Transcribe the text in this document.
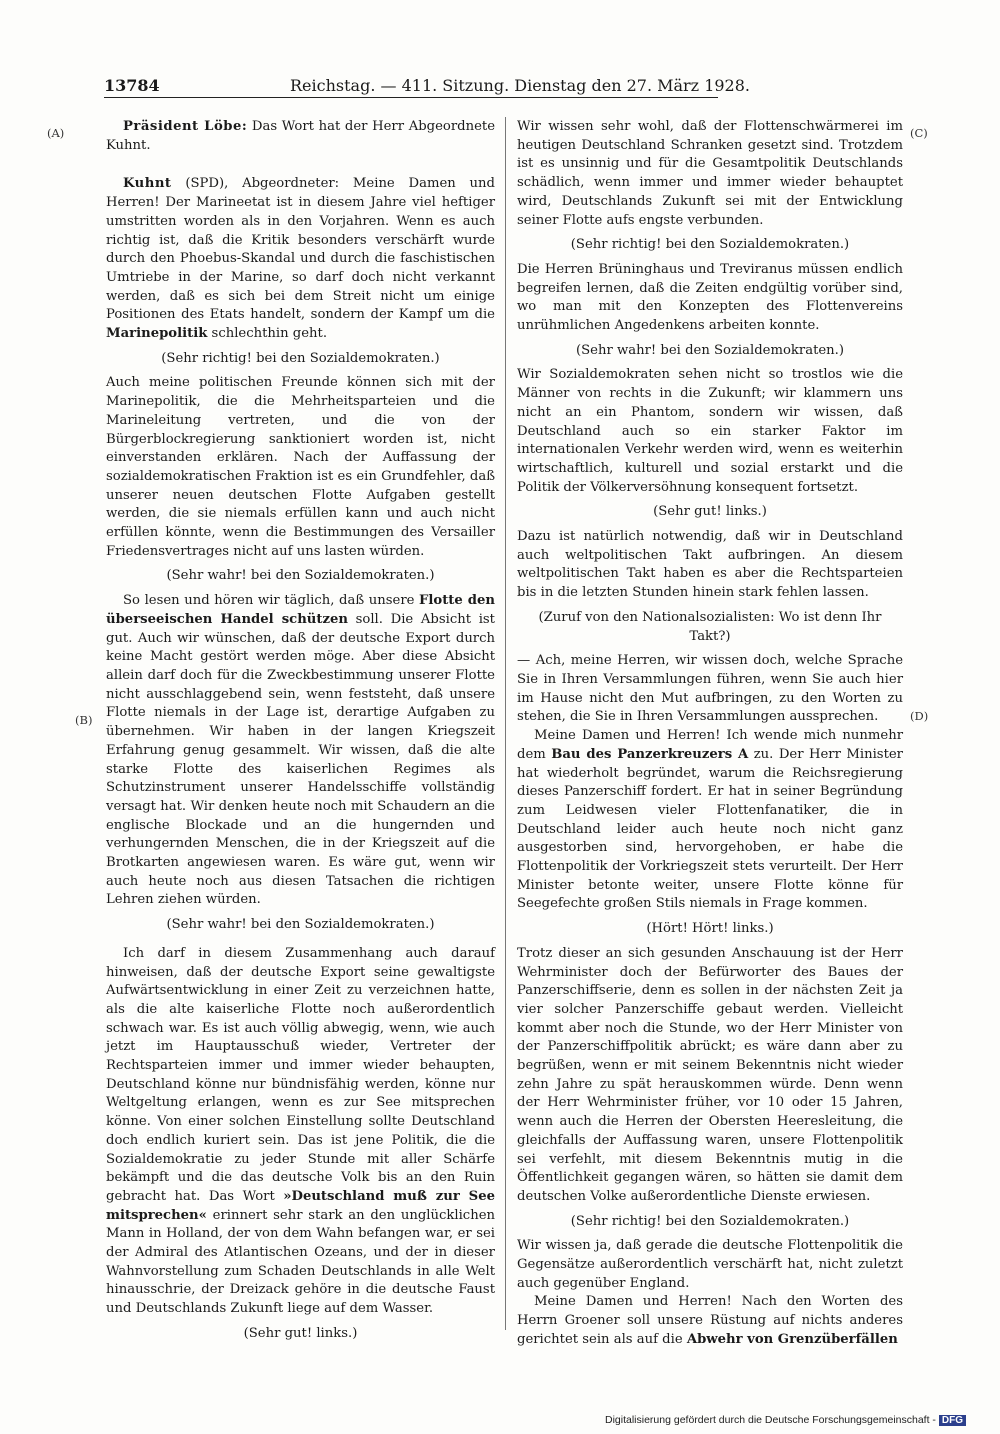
13784	Reichstag. — 411. Sitzung. Dienstag den 27. März 1928.
(A)
(B)
(C)
(D)

Präsident Löbe: Das Wort hat der Herr Abgeordnete Kuhnt.

Kuhnt (SPD), Abgeordneter: Meine Damen und Herren! Der Marineetat ist in diesem Jahre viel heftiger umstritten worden als in den Vorjahren. Wenn es auch richtig ist, daß die Kritik besonders verschärft wurde durch den Phoebus-Skandal und durch die faschistischen Umtriebe in der Marine, so darf doch nicht verkannt werden, daß es sich bei dem Streit nicht um einige Positionen des Etats handelt, sondern der Kampf um die Marinepolitik schlechthin geht.

(Sehr richtig! bei den Sozialdemokraten.)

Auch meine politischen Freunde können sich mit der Marinepolitik, die die Mehrheitsparteien und die Marineleitung vertreten, und die von der Bürgerblockregierung sanktioniert worden ist, nicht einverstanden erklären. Nach der Auffassung der sozialdemokratischen Fraktion ist es ein Grundfehler, daß unserer neuen deutschen Flotte Aufgaben gestellt werden, die sie niemals erfüllen kann und auch nicht erfüllen könnte, wenn die Bestimmungen des Versailler Friedensvertrages nicht auf uns lasten würden.

(Sehr wahr! bei den Sozialdemokraten.)

So lesen und hören wir täglich, daß unsere Flotte den überseeischen Handel schützen soll. Die Absicht ist gut. Auch wir wünschen, daß der deutsche Export durch keine Macht gestört werden möge. Aber diese Absicht allein darf doch für die Zweckbestimmung unserer Flotte nicht ausschlaggebend sein, wenn feststeht, daß unsere Flotte niemals in der Lage ist, derartige Aufgaben zu übernehmen. Wir haben in der langen Kriegszeit Erfahrung genug gesammelt. Wir wissen, daß die alte starke Flotte des kaiserlichen Regimes als Schutzinstrument unserer Handelsschiffe vollständig versagt hat. Wir denken heute noch mit Schaudern an die englische Blockade und an die hungernden und verhungernden Menschen, die in der Kriegszeit auf die Brotkarten angewiesen waren. Es wäre gut, wenn wir auch heute noch aus diesen Tatsachen die richtigen Lehren ziehen würden.

(Sehr wahr! bei den Sozialdemokraten.)

Ich darf in diesem Zusammenhang auch darauf hinweisen, daß der deutsche Export seine gewaltigste Aufwärtsentwicklung in einer Zeit zu verzeichnen hatte, als die alte kaiserliche Flotte noch außerordentlich schwach war. Es ist auch völlig abwegig, wenn, wie auch jetzt im Hauptausschuß wieder, Vertreter der Rechtsparteien immer und immer wieder behaupten, Deutschland könne nur bündnisfähig werden, könne nur Weltgeltung erlangen, wenn es zur See mitsprechen könne. Von einer solchen Einstellung sollte Deutschland doch endlich kuriert sein. Das ist jene Politik, die die Sozialdemokratie zu jeder Stunde mit aller Schärfe bekämpft und die das deutsche Volk bis an den Ruin gebracht hat. Das Wort »Deutschland muß zur See mitsprechen« erinnert sehr stark an den unglücklichen Mann in Holland, der von dem Wahn befangen war, er sei der Admiral des Atlantischen Ozeans, und der in dieser Wahnvorstellung zum Schaden Deutschlands in alle Welt hinausschrie, der Dreizack gehöre in die deutsche Faust und Deutschlands Zukunft liege auf dem Wasser.

(Sehr gut! links.)

Wir wissen sehr wohl, daß der Flottenschwärmerei im heutigen Deutschland Schranken gesetzt sind. Trotzdem ist es unsinnig und für die Gesamtpolitik Deutschlands schädlich, wenn immer und immer wieder behauptet wird, Deutschlands Zukunft sei mit der Entwicklung seiner Flotte aufs engste verbunden.

(Sehr richtig! bei den Sozialdemokraten.)

Die Herren Brüninghaus und Treviranus müssen endlich begreifen lernen, daß die Zeiten endgültig vorüber sind, wo man mit den Konzepten des Flottenvereins unrühmlichen Angedenkens arbeiten konnte.

(Sehr wahr! bei den Sozialdemokraten.)

Wir Sozialdemokraten sehen nicht so trostlos wie die Männer von rechts in die Zukunft; wir klammern uns nicht an ein Phantom, sondern wir wissen, daß Deutschland auch so ein starker Faktor im internationalen Verkehr werden wird, wenn es weiterhin wirtschaftlich, kulturell und sozial erstarkt und die Politik der Völkerversöhnung konsequent fortsetzt.

(Sehr gut! links.)

Dazu ist natürlich notwendig, daß wir in Deutschland auch weltpolitischen Takt aufbringen. An diesem weltpolitischen Takt haben es aber die Rechtsparteien bis in die letzten Stunden hinein stark fehlen lassen.

(Zuruf von den Nationalsozialisten: Wo ist denn Ihr Takt?)

— Ach, meine Herren, wir wissen doch, welche Sprache Sie in Ihren Versammlungen führen, wenn Sie auch hier im Hause nicht den Mut aufbringen, zu den Worten zu stehen, die Sie in Ihren Versammlungen aussprechen.

Meine Damen und Herren! Ich wende mich nunmehr dem Bau des Panzerkreuzers A zu. Der Herr Minister hat wiederholt begründet, warum die Reichsregierung dieses Panzerschiff fordert. Er hat in seiner Begründung zum Leidwesen vieler Flottenfanatiker, die in Deutschland leider auch heute noch nicht ganz ausgestorben sind, hervorgehoben, er habe die Flottenpolitik der Vorkriegszeit stets verurteilt. Der Herr Minister betonte weiter, unsere Flotte könne für Seegefechte großen Stils niemals in Frage kommen.

(Hört! Hört! links.)

Trotz dieser an sich gesunden Anschauung ist der Herr Wehrminister doch der Befürworter des Baues der Panzerschiffserie, denn es sollen in der nächsten Zeit ja vier solcher Panzerschiffe gebaut werden. Vielleicht kommt aber noch die Stunde, wo der Herr Minister von der Panzerschiffpolitik abrückt; es wäre dann aber zu begrüßen, wenn er mit seinem Bekenntnis nicht wieder zehn Jahre zu spät herauskommen würde. Denn wenn der Herr Wehrminister früher, vor 10 oder 15 Jahren, wenn auch die Herren der Obersten Heeresleitung, die gleichfalls der Auffassung waren, unsere Flottenpolitik sei verfehlt, mit diesem Bekenntnis mutig in die Öffentlichkeit gegangen wären, so hätten sie damit dem deutschen Volke außerordentliche Dienste erwiesen.

(Sehr richtig! bei den Sozialdemokraten.)

Wir wissen ja, daß gerade die deutsche Flottenpolitik die Gegensätze außerordentlich verschärft hat, nicht zuletzt auch gegenüber England.

Meine Damen und Herren! Nach den Worten des Herrn Groener soll unsere Rüstung auf nichts anderes gerichtet sein als auf die Abwehr von Grenzüberfällen

Digitalisierung gefördert durch die Deutsche Forschungsgemeinschaft - DFG
